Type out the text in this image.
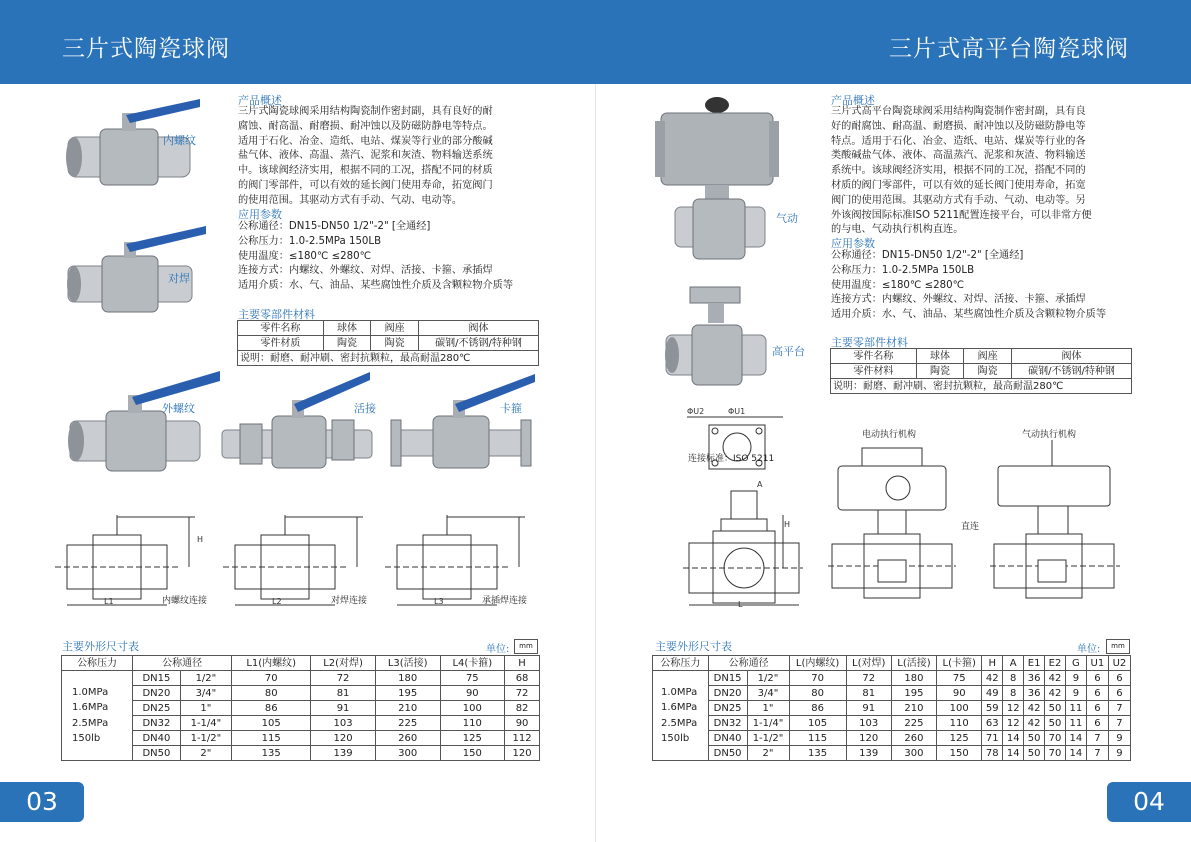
三片式陶瓷球阀	三片式高平台陶瓷球阀
内螺纹
对焊
外螺纹	活接	卡箍
产品概述
三片式陶瓷球阀采用结构陶瓷制作密封副，具有良好的耐
腐蚀、耐高温、耐磨损、耐冲蚀以及防磁防静电等特点。
适用于石化、冶金、造纸、电站、煤炭等行业的部分酸碱
盐气体、液体、高温、蒸汽、泥浆和灰渣、物料输送系统
中。该球阀经济实用，根据不同的工况，搭配不同的材质
的阀门零部件，可以有效的延长阀门使用寿命，拓宽阀门
的使用范围。其驱动方式有手动、气动、电动等。
应用参数
公称通径：DN15-DN50 1/2"-2" [全通经]
公称压力：1.0-2.5MPa 150LB
使用温度：≤180℃ ≤280℃
连接方式：内螺纹、外螺纹、对焊、活接、卡箍、承插焊
适用介质：水、气、油品、某些腐蚀性介质及含颗粒物介质等
主要零部件材料
零件名称	球体	阀座	阀体
零件材质	陶瓷	陶瓷	碳钢/不锈钢/特种钢
说明：耐磨、耐冲刷、密封抗颗粒，最高耐温280℃			
L1	L2	L3
H
内螺纹连接	对焊连接	承插焊连接
主要外形尺寸表	单位:	mm
公称压力	公称通径		L1(内螺纹)	L2(对焊)	L3(活接)	L4(卡箍)	H

1.0MPa
1.6MPa
2.5MPa
150lb	DN15	1/2"	70	72	180	75	68
	DN20	3/4"	80	81	195	90	72
	DN25	1"	86	91	210	100	82
	DN32	1-1/4"	105	103	225	110	90
	DN40	1-1/2"	115	120	260	125	112
	DN50	2"	135	139	300	150	120
03
气动
高平台
产品概述
三片式高平台陶瓷球阀采用结构陶瓷制作密封副，具有良
好的耐腐蚀、耐高温、耐磨损、耐冲蚀以及防磁防静电等
特点。适用于石化、冶金、造纸、电站、煤炭等行业的各
类酸碱盐气体、液体、高温蒸汽、泥浆和灰渣、物料输送
系统中。该球阀经济实用，根据不同的工况，搭配不同的
材质的阀门零部件，可以有效的延长阀门使用寿命，拓宽
阀门的使用范围。其驱动方式有手动、气动、电动等。另
外该阀按国际标准ISO 5211配置连接平台，可以非常方便
的与电、气动执行机构直连。
应用参数
公称通径：DN15-DN50 1/2"-2" [全通经]
公称压力：1.0-2.5MPa 150LB
使用温度：≤180℃ ≤280℃
连接方式：内螺纹、外螺纹、对焊、活接、卡箍、承插焊
适用介质：水、气、油品、某些腐蚀性介质及含颗粒物介质等
主要零部件材料
零件名称	球体	阀座	阀体
零件材料	陶瓷	陶瓷	碳钢/不锈钢/特种钢
说明：耐磨、耐冲刷、密封抗颗粒，最高耐温280℃			
ΦU2	ΦU1
连接标准：ISO 5211
A
H
L
电动执行机构	气动执行机构
直连
主要外形尺寸表	单位:	mm
公称压力	公称通径		L(内螺纹)	L(对焊)	L(活接)	L(卡箍)	H	A	E1	E2	G	U1	U2

1.0MPa
1.6MPa
2.5MPa
150lb	DN15	1/2"	70	72	180	75	42	8	36	42	9	6	6
	DN20	3/4"	80	81	195	90	49	8	36	42	9	6	6
	DN25	1"	86	91	210	100	59	12	42	50	11	6	7
	DN32	1-1/4"	105	103	225	110	63	12	42	50	11	6	7
	DN40	1-1/2"	115	120	260	125	71	14	50	70	14	7	9
	DN50	2"	135	139	300	150	78	14	50	70	14	7	9
04
